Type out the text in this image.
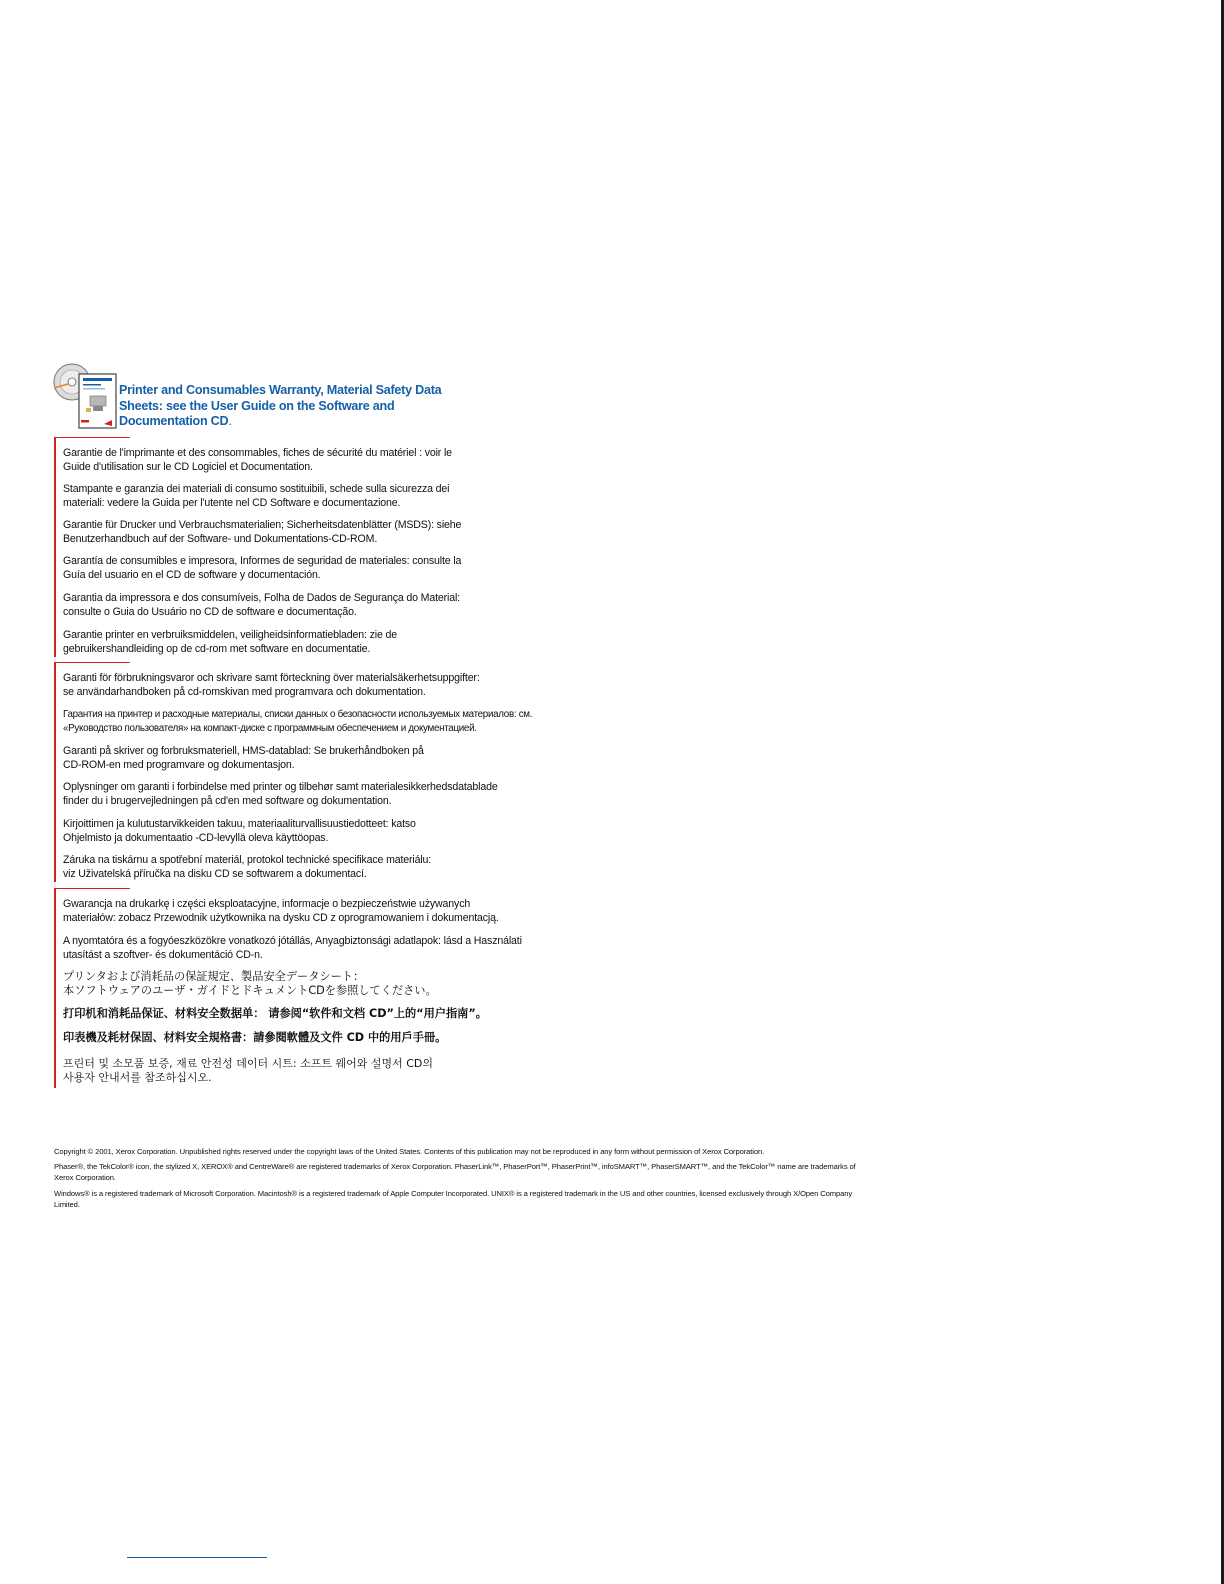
Printer and Consumables Warranty, Material Safety Data Sheets: see the User Guide on the Software and Documentation CD.

Garantie de l'imprimante et des consommables, fiches de sécurité du matériel : voir le
Guide d'utilisation sur le CD Logiciel et Documentation.

Stampante e garanzia dei materiali di consumo sostituibili, schede sulla sicurezza dei
materiali: vedere la Guida per l'utente nel CD Software e documentazione.

Garantie für Drucker und Verbrauchsmaterialien; Sicherheitsdatenblätter (MSDS): siehe
Benutzerhandbuch auf der Software- und Dokumentations-CD-ROM.

Garantía de consumibles e impresora, Informes de seguridad de materiales: consulte la
Guía del usuario en el CD de software y documentación.

Garantia da impressora e dos consumíveis, Folha de Dados de Segurança do Material:
consulte o Guia do Usuário no CD de software e documentação.

Garantie printer en verbruiksmiddelen, veiligheidsinformatiebladen: zie de
gebruikershandleiding op de cd-rom met software en documentatie.

Garanti för förbrukningsvaror och skrivare samt förteckning över materialsäkerhetsuppgifter:
se användarhandboken på cd-romskivan med programvara och dokumentation.

Гарантия на принтер и расходные материалы, списки данных о безопасности используемых материалов: см.
«Руководство пользователя» на компакт-диске с программным обеспечением и документацией.

Garanti på skriver og forbruksmateriell, HMS-datablad: Se brukerhåndboken på
CD-ROM-en med programvare og dokumentasjon.

Oplysninger om garanti i forbindelse med printer og tilbehør samt materialesikkerhedsdatablade
finder du i brugervejledningen på cd'en med software og dokumentation.

Kirjoittimen ja kulutustarvikkeiden takuu, materiaaliturvallisuustiedotteet: katso
Ohjelmisto ja dokumentaatio -CD-levyllä oleva käyttöopas.

Záruka na tiskárnu a spotřební materiál, protokol technické specifikace materiálu:
viz Uživatelská příručka na disku CD se softwarem a dokumentací.

Gwarancja na drukarkę i części eksploatacyjne, informacje o bezpieczeństwie używanych
materiałów: zobacz Przewodnik użytkownika na dysku CD z oprogramowaniem i dokumentacją.

A nyomtatóra és a fogyóeszközökre vonatkozó jótállás, Anyagbiztonsági adatlapok: lásd a Használati
utasítást a szoftver- és dokumentáció CD-n.

プリンタおよび消耗品の保証規定、製品安全データシート：
本ソフトウェアのユーザ・ガイドとドキュメントCDを参照してください。

打印机和消耗品保证、材料安全数据单： 请参阅“软件和文档 CD”上的“用户指南”。

印表機及耗材保固、材料安全規格書：請參閱軟體及文件 CD 中的用戶手冊。

프린터 및 소모품 보증, 재료 안전성 데이터 시트: 소프트 웨어와 설명서 CD의
사용자 안내서를 참조하십시오.

Copyright © 2001, Xerox Corporation. Unpublished rights reserved under the copyright laws of the United States. Contents of this publication may not be reproduced in any form without permission of Xerox Corporation.

Phaser®, the TekColor® icon, the stylized X, XEROX® and CentreWare® are registered trademarks of Xerox Corporation. PhaserLink™, PhaserPort™, PhaserPrint™, infoSMART™, PhaserSMART™, and the TekColor™ name are trademarks of Xerox Corporation.

Windows® is a registered trademark of Microsoft Corporation. Macintosh® is a registered trademark of Apple Computer Incorporated. UNIX® is a registered trademark in the US and other countries, licensed exclusively through X/Open Company Limited.
